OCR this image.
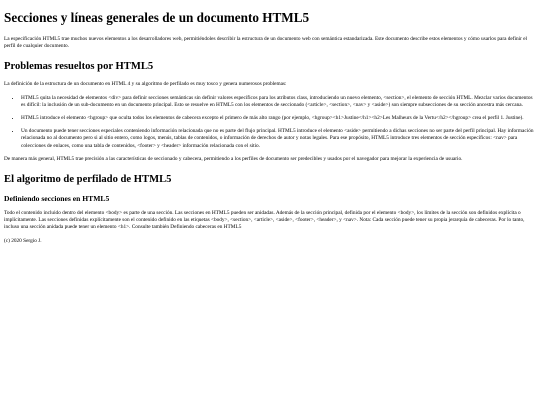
Secciones y líneas generales de un documento HTML5

La especificación HTML5 trae muchos nuevos elementos a los desarrolladores web, permitiéndoles describir la estructura de un documento web con semántica estandarizada. Este documento describe estos elementos y cómo usarlos para definir el perfil de cualquier documento.

Problemas resueltos por HTML5

La definición de la estructura de un documento en HTML 4 y su algoritmo de perfilado es muy tosco y genera numerosos problemas:

• HTML5 quita la necesidad de elementos <div> para definir secciones semánticas sin definir valores específicos para los atributos class, introduciendo un nuevo elemento, <section>, el elemento de sección HTML. Mezclar varios documentos es difícil: la inclusión de un sub-documento en un documento principal. Esto se resuelve en HTML5 con los elementos de seccionado (<article>, <section>, <nav> y <aside>) son siempre subsecciones de su sección ancestra más cercana.
• HTML5 introduce el elemento <hgroup> que oculta todos los elementos de cabecera excepto el primero de más alto rango (por ejemplo, <hgroup><h1>Justine</h1><h2>Les Malheurs de la Vertu</h2></hgroup> crea el perfil 1. Justine).
• Un documento puede tener secciones especiales conteniendo información relacionada que no es parte del flujo principal. HTML5 introduce el elemento <aside> permitiendo a dichas secciones no ser parte del perfil principal. Hay información relacionada no al documento pero si al sitio entero, como logos, menús, tablas de contenidos, o información de derechos de autor y notas legales. Para ese propósito, HTML5 introduce tres elementos de sección específicos: <nav> para colecciones de enlaces, como una tabla de contenidos, <footer> y <header> información relacionada con el sitio.

De manera más general, HTML5 trae precisión a las características de seccionado y cabecera, permitiendo a los perfiles de documento ser predecibles y usados por el navegador para mejorar la experiencia de usuario.

El algoritmo de perfilado de HTML5
Definiendo secciones en HTML5

Todo el contenido incluido dentro del elemento <body> es parte de una sección. Las secciones en HTML5 pueden ser anidadas. Además de la sección principal, definida por el elemento <body>, los límites de la sección son definidos explícita o implícitamente. Las secciones definidas explícitamente son el contenido definido en las etiquetas <body>, <section>, <article>, <aside>, <footer>, <header>, y <nav>. Nota: Cada sección puede tener su propia jerarquía de cabeceras. Por lo tanto, incluso una sección anidada puede tener un elemento <h1>. Consulte también Definiendo cabeceras en HTML5

(c) 2020 Sergio J.
